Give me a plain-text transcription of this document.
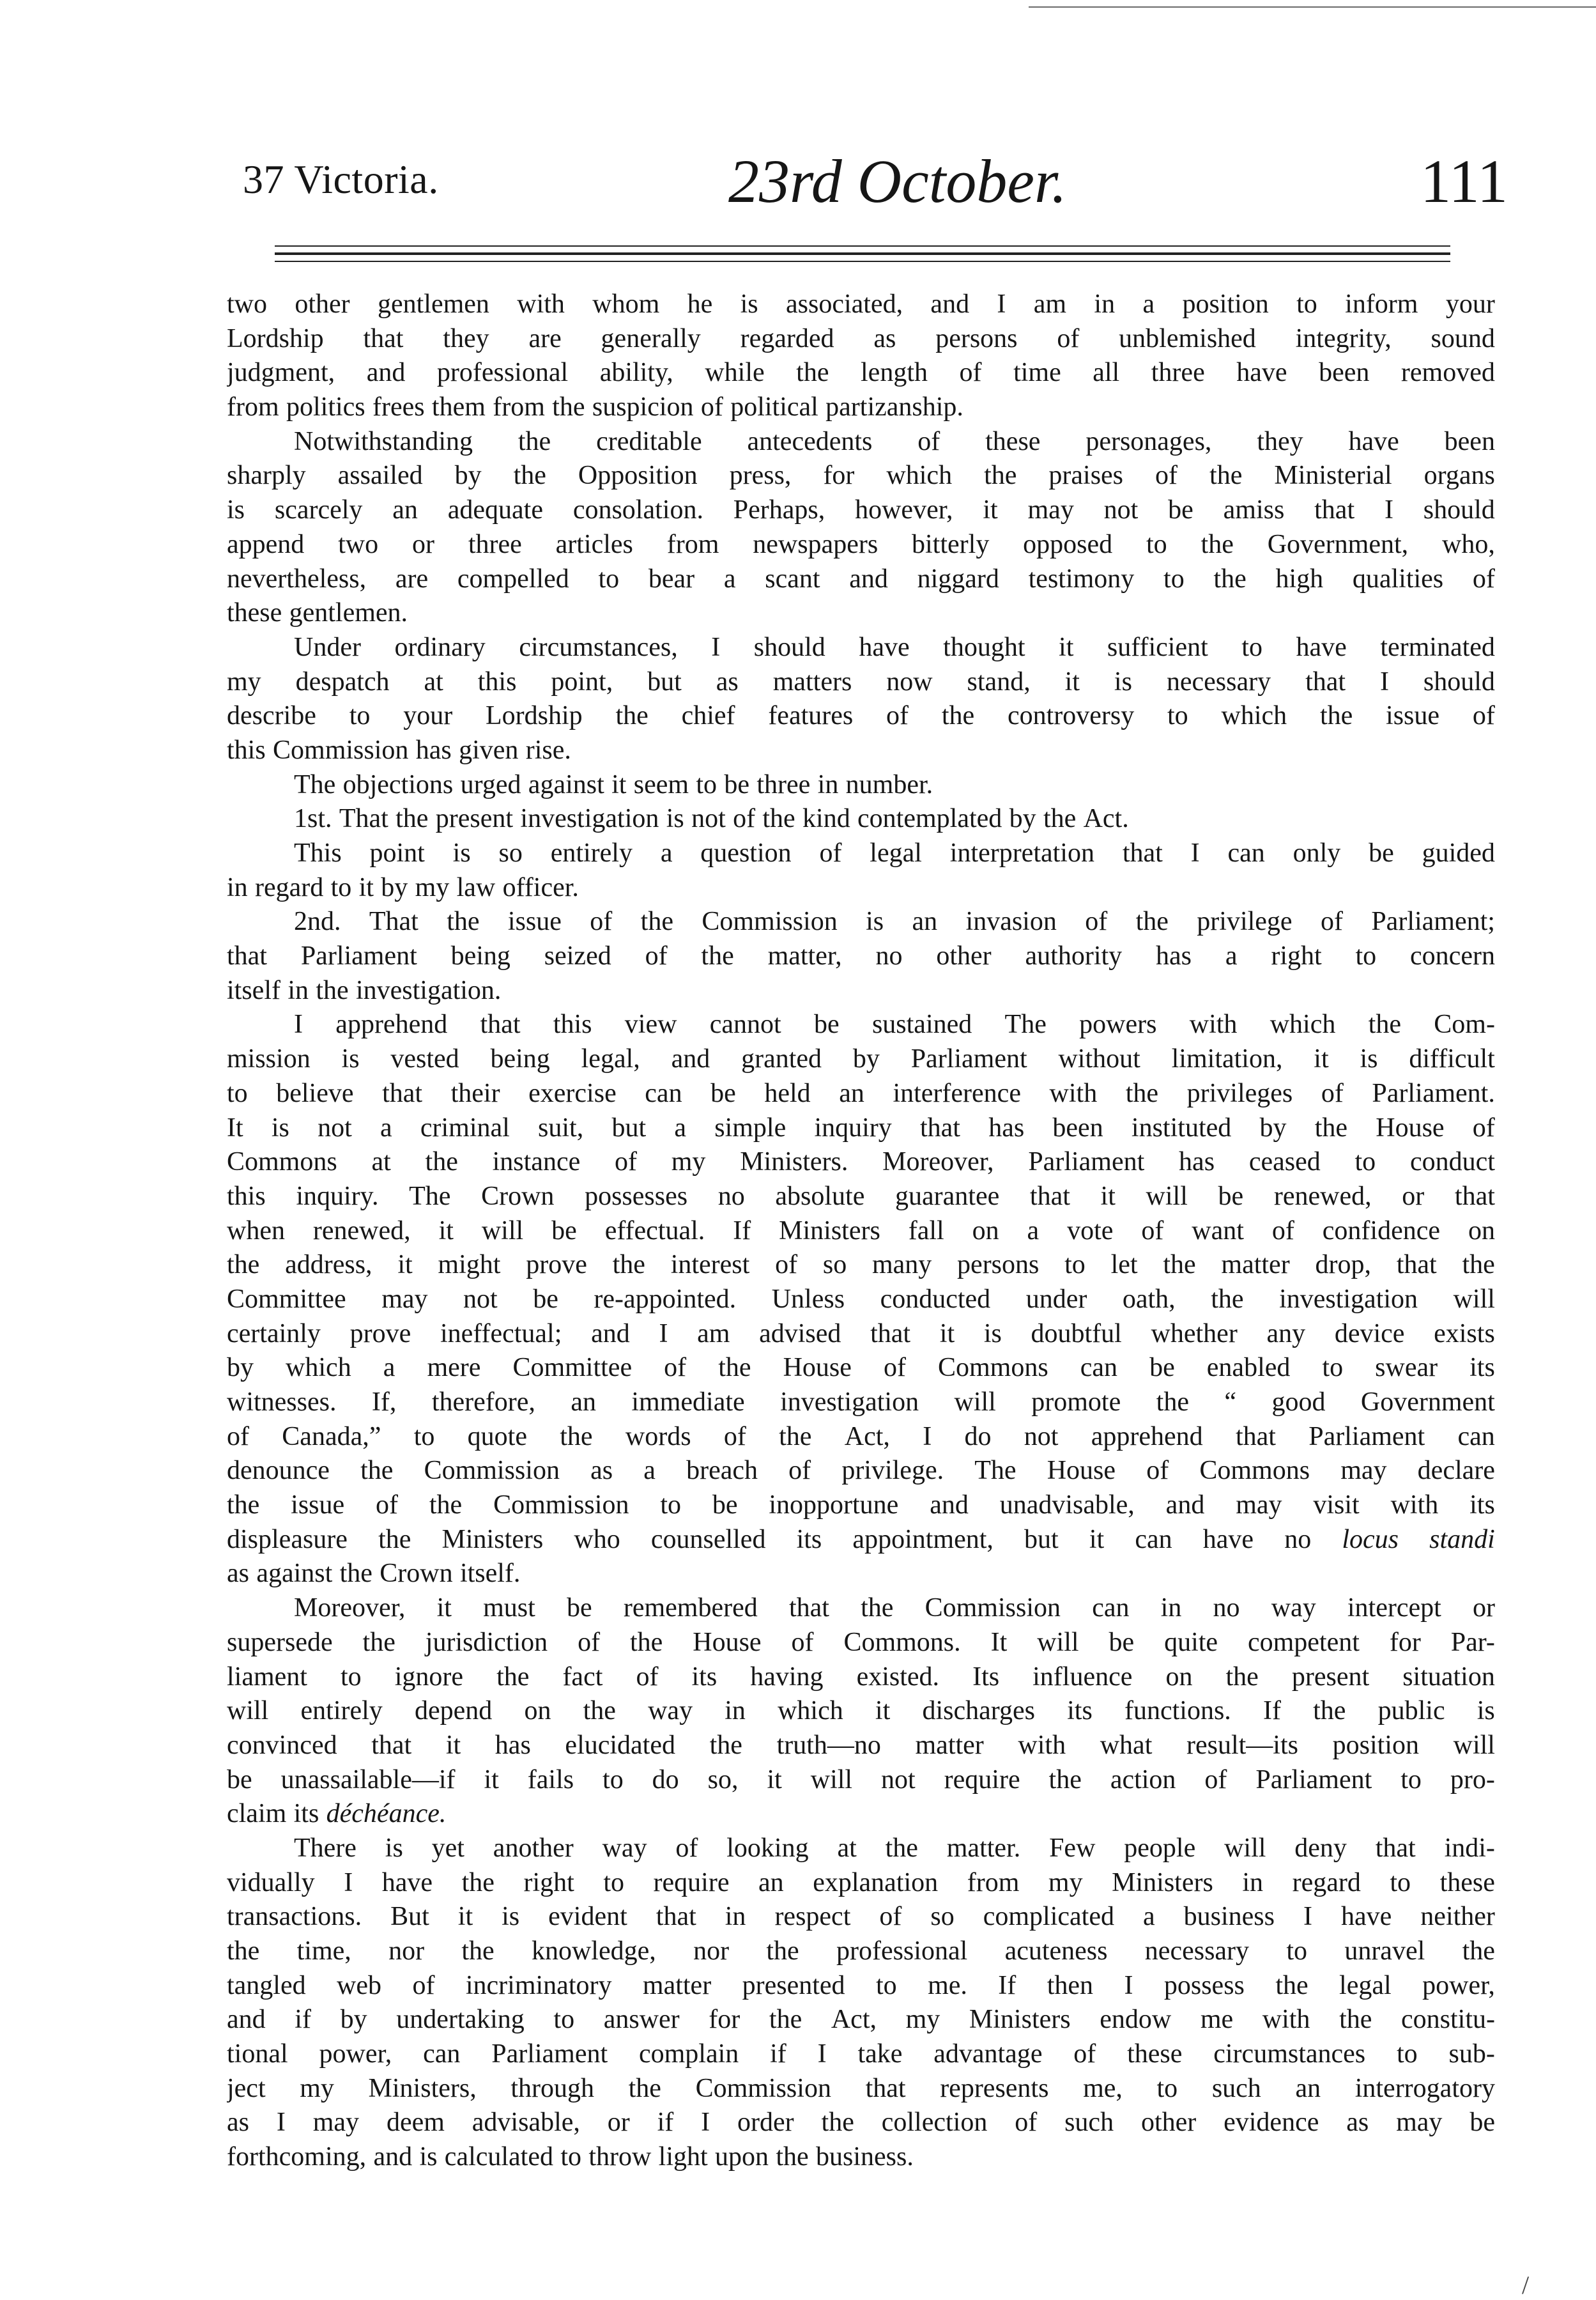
37 Victoria.	23rd October.	111
two other gentlemen with whom he is associated, and I am in a position to inform your
Lordship that they are generally regarded as persons of unblemished integrity, sound
judgment, and professional ability, while the length of time all three have been removed
from politics frees them from the suspicion of political partizanship.
Notwithstanding the creditable antecedents of these personages, they have been
sharply assailed by the Opposition press, for which the praises of the Ministerial organs
is scarcely an adequate consolation. Perhaps, however, it may not be amiss that I should
append two or three articles from newspapers bitterly opposed to the Government, who,
nevertheless, are compelled to bear a scant and niggard testimony to the high qualities of
these gentlemen.
Under ordinary circumstances, I should have thought it sufficient to have terminated
my despatch at this point, but as matters now stand, it is necessary that I should
describe to your Lordship the chief features of the controversy to which the issue of
this Commission has given rise.
The objections urged against it seem to be three in number.
1st. That the present investigation is not of the kind contemplated by the Act.
This point is so entirely a question of legal interpretation that I can only be guided
in regard to it by my law officer.
2nd. That the issue of the Commission is an invasion of the privilege of Parliament;
that Parliament being seized of the matter, no other authority has a right to concern
itself in the investigation.
I apprehend that this view cannot be sustained The powers with which the Com-
mission is vested being legal, and granted by Parliament without limitation, it is difficult
to believe that their exercise can be held an interference with the privileges of Parliament.
It is not a criminal suit, but a simple inquiry that has been instituted by the House of
Commons at the instance of my Ministers. Moreover, Parliament has ceased to conduct
this inquiry. The Crown possesses no absolute guarantee that it will be renewed, or that
when renewed, it will be effectual. If Ministers fall on a vote of want of confidence on
the address, it might prove the interest of so many persons to let the matter drop, that the
Committee may not be re-appointed. Unless conducted under oath, the investigation will
certainly prove ineffectual; and I am advised that it is doubtful whether any device exists
by which a mere Committee of the House of Commons can be enabled to swear its
witnesses. If, therefore, an immediate investigation will promote the “ good Government
of Canada,” to quote the words of the Act, I do not apprehend that Parliament can
denounce the Commission as a breach of privilege. The House of Commons may declare
the issue of the Commission to be inopportune and unadvisable, and may visit with its
displeasure the Ministers who counselled its appointment, but it can have no locus standi
as against the Crown itself.
Moreover, it must be remembered that the Commission can in no way intercept or
supersede the jurisdiction of the House of Commons. It will be quite competent for Par-
liament to ignore the fact of its having existed. Its influence on the present situation
will entirely depend on the way in which it discharges its functions. If the public is
convinced that it has elucidated the truth—no matter with what result—its position will
be unassailable—if it fails to do so, it will not require the action of Parliament to pro-
claim its déchéance.
There is yet another way of looking at the matter. Few people will deny that indi-
vidually I have the right to require an explanation from my Ministers in regard to these
transactions. But it is evident that in respect of so complicated a business I have neither
the time, nor the knowledge, nor the professional acuteness necessary to unravel the
tangled web of incriminatory matter presented to me. If then I possess the legal power,
and if by undertaking to answer for the Act, my Ministers endow me with the constitu-
tional power, can Parliament complain if I take advantage of these circumstances to sub-
ject my Ministers, through the Commission that represents me, to such an interrogatory
as I may deem advisable, or if I order the collection of such other evidence as may be
forthcoming, and is calculated to throw light upon the business.
/
